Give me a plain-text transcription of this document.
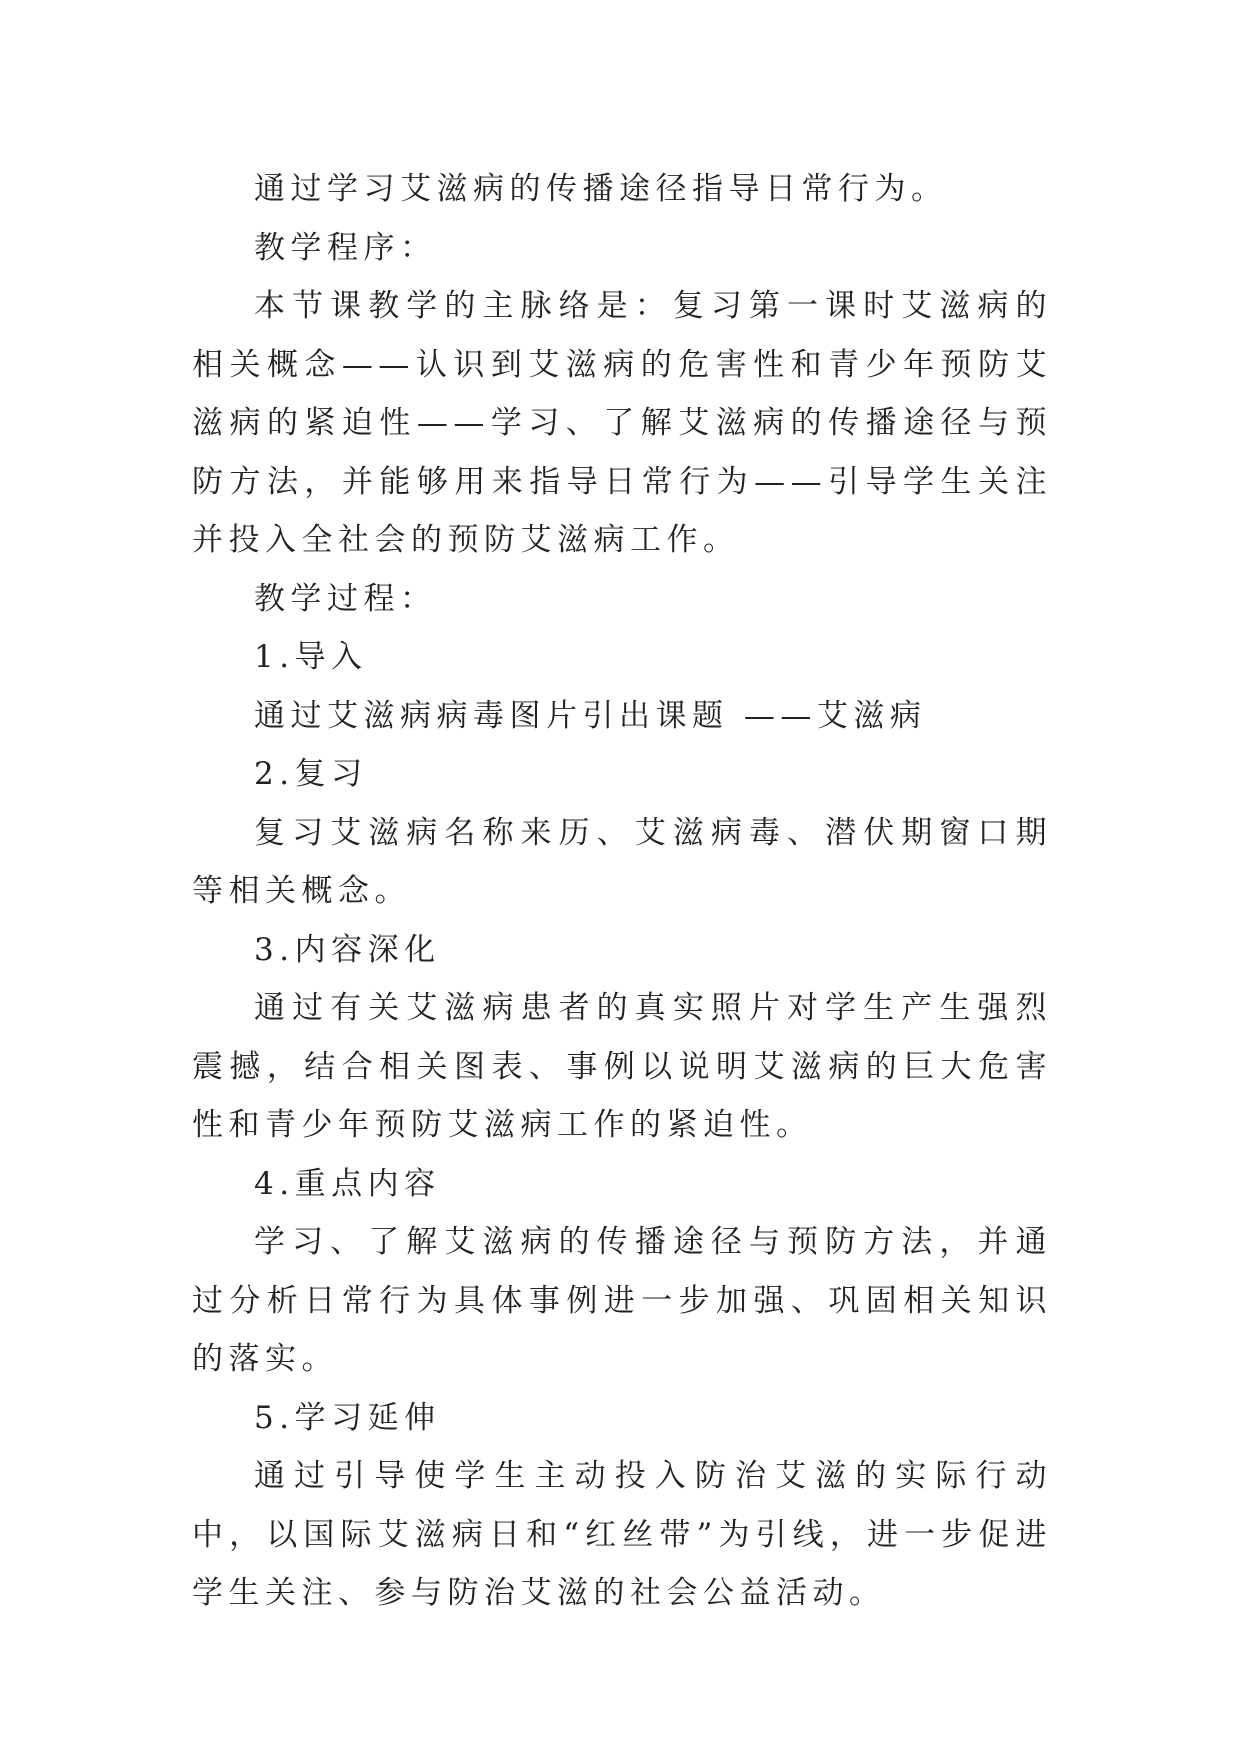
通过学习艾滋病的传播途径指导日常行为。

教学程序：

本节课教学的主脉络是：复习第一课时艾滋病的相关概念——认识到艾滋病的危害性和青少年预防艾滋病的紧迫性——学习、了解艾滋病的传播途径与预防方法，并能够用来指导日常行为——引导学生关注并投入全社会的预防艾滋病工作。

教学过程：

1.导入

通过艾滋病病毒图片引出课题 ——艾滋病

2.复习

复习艾滋病名称来历、艾滋病毒、潜伏期窗口期等相关概念。

3.内容深化

通过有关艾滋病患者的真实照片对学生产生强烈震撼，结合相关图表、事例以说明艾滋病的巨大危害性和青少年预防艾滋病工作的紧迫性。

4.重点内容

学习、了解艾滋病的传播途径与预防方法，并通过分析日常行为具体事例进一步加强、巩固相关知识的落实。

5.学习延伸

通过引导使学生主动投入防治艾滋的实际行动中，以国际艾滋病日和“红丝带”为引线，进一步促进学生关注、参与防治艾滋的社会公益活动。
